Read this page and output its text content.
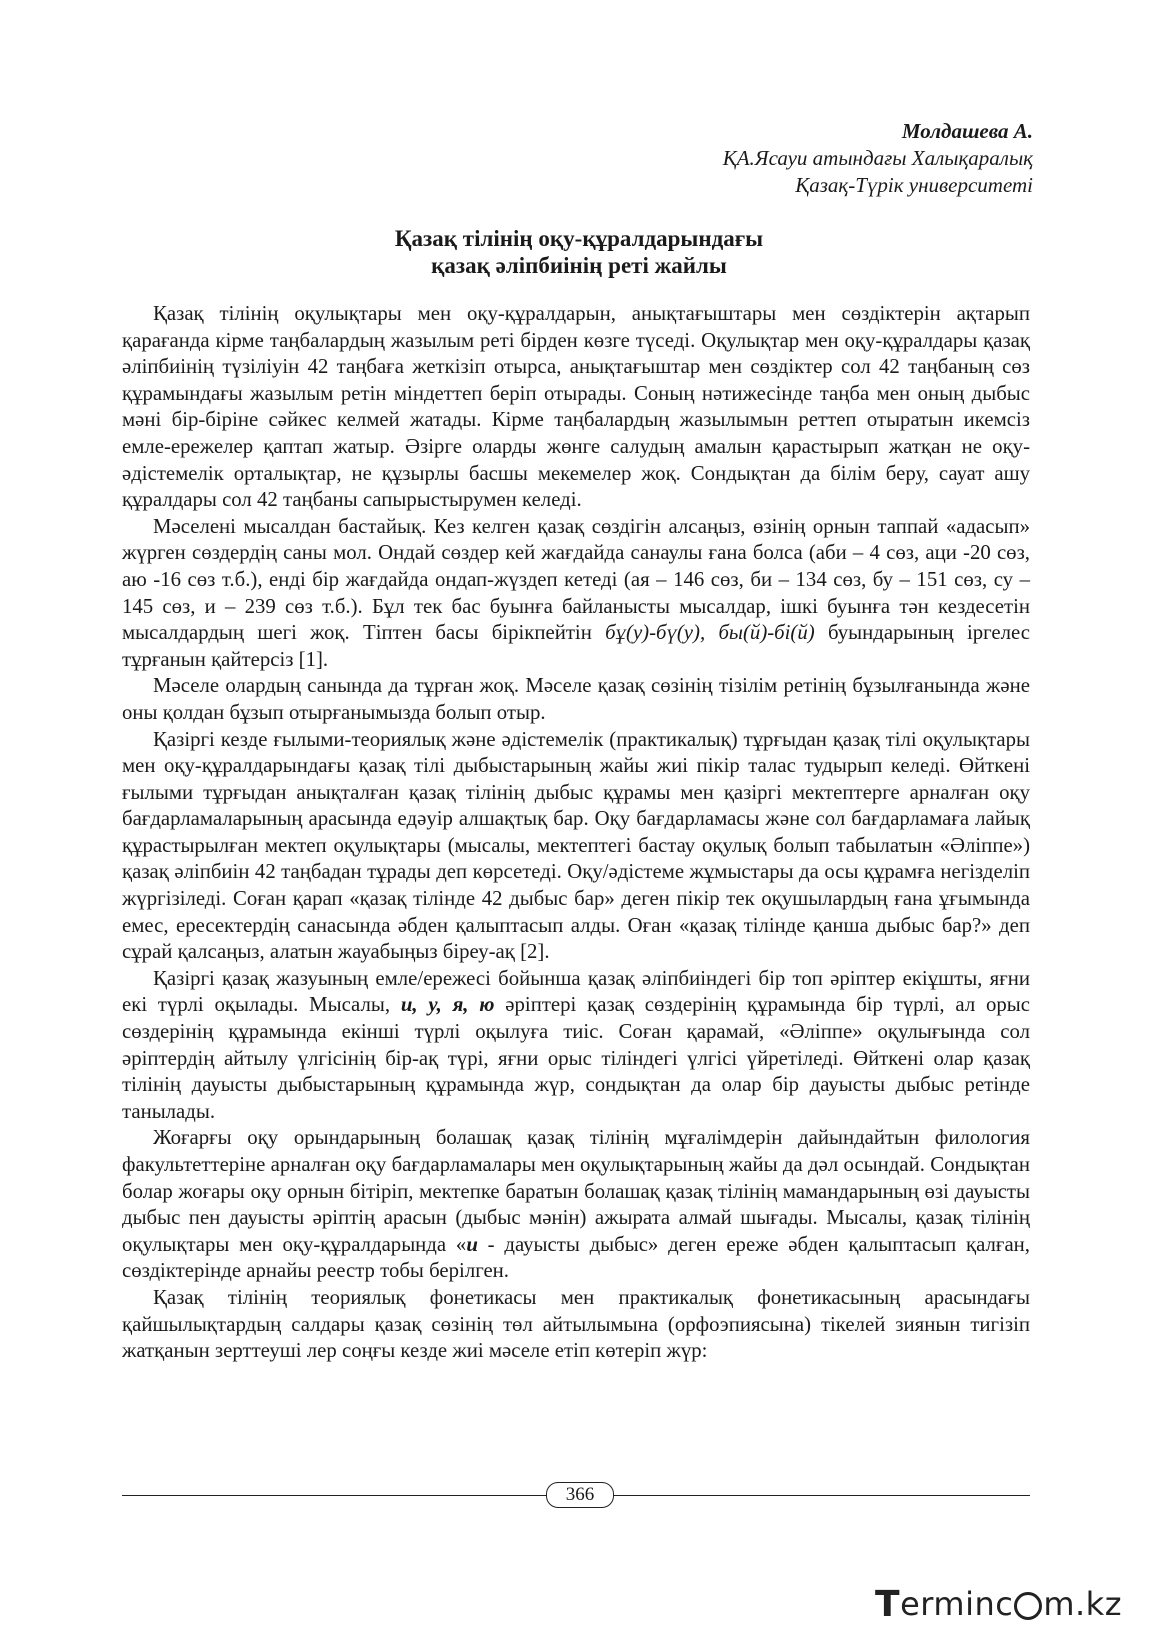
Молдашева А.
ҚА.Ясауи атындағы Халықаралық
Қазақ-Түрік университеті
Қазақ тілінің оқу-құралдарындағы
қазақ әліпбиінің реті жайлы

Қазақ тілінің оқулықтары мен оқу-құралдарын, анықтағыштары мен сөздіктерін ақтарып қарағанда кірме таңбалардың жазылым реті бірден көзге түседі. Оқулықтар мен оқу-құралдары қазақ әліпбиінің түзіліуін 42 таңбаға жеткізіп отырса, анықтағыштар мен сөздіктер сол 42 таңбаның сөз құрамындағы жазылым ретін міндеттеп беріп отырады. Соның нәтижесінде таңба мен оның дыбыс мәні бір-біріне сәйкес келмей жатады. Кірме таңбалардың жазылымын реттеп отыратын икемсіз емле-ережелер қаптап жатыр. Әзірге оларды жөнге салудың амалын қарастырып жатқан не оқу-әдістемелік орталықтар, не құзырлы басшы мекемелер жоқ. Сондықтан да білім беру, сауат ашу құралдары сол 42 таңбаны сапырыстырумен келеді.

Мәселені мысалдан бастайық. Кез келген қазақ сөздігін алсаңыз, өзінің орнын таппай «адасып» жүрген сөздердің саны мол. Ондай сөздер кей жағдайда санаулы ғана болса (аби – 4 сөз, аци -20 сөз, аю -16 сөз т.б.), енді бір жағдайда ондап-жүздеп кетеді (ая – 146 сөз, би – 134 сөз, бу – 151 сөз, су – 145 сөз, и – 239 сөз т.б.). Бұл тек бас буынға байланысты мысалдар, ішкі буынға тән кездесетін мысалдардың шегі жоқ. Тіптен басы бірікпейтін бұ(у)-бү(у), бы(й)-бі(й) буындарының іргелес тұрғанын қайтерсіз [1].

Мәселе олардың санында да тұрған жоқ. Мәселе қазақ сөзінің тізілім ретінің бұзылғанында және оны қолдан бұзып отырғанымызда болып отыр.

Қазіргі кезде ғылыми-теориялық және әдістемелік (практикалық) тұрғыдан қазақ тілі оқулықтары мен оқу-құралдарындағы қазақ тілі дыбыстарының жайы жиі пікір талас тудырып келеді. Өйткені ғылыми тұрғыдан анықталған қазақ тілінің дыбыс құрамы мен қазіргі мектептерге арналған оқу бағдарламаларының арасында едәуір алшақтық бар. Оқу бағдарламасы және сол бағдарламаға лайық құрастырылған мектеп оқулықтары (мысалы, мектептегі бастау оқулық болып табылатын «Әліппе») қазақ әліпбиін 42 таңбадан тұрады деп көрсетеді. Оқу/әдістеме жұмыстары да осы құрамға негізделіп жүргізіледі. Соған қарап «қазақ тілінде 42 дыбыс бар» деген пікір тек оқушылардың ғана ұғымында емес, ересектердің санасында әбден қалыптасып алды. Оған «қазақ тілінде қанша дыбыс бар?» деп сұрай қалсаңыз, алатын жауабыңыз біреу-ақ [2].

Қазіргі қазақ жазуының емле/ережесі бойынша қазақ әліпбиіндегі бір топ әріптер екіұшты, яғни екі түрлі оқылады. Мысалы, и, у, я, ю әріптері қазақ сөздерінің құрамында бір түрлі, ал орыс сөздерінің құрамында екінші түрлі оқылуға тиіс. Соған қарамай, «Әліппе» оқулығында сол әріптердің айтылу үлгісінің бір-ақ түрі, яғни орыс тіліндегі үлгісі үйретіледі. Өйткені олар қазақ тілінің дауысты дыбыстарының құрамында жүр, сондықтан да олар бір дауысты дыбыс ретінде танылады.

Жоғарғы оқу орындарының болашақ қазақ тілінің мұғалімдерін дайындайтын филология факультеттеріне арналған оқу бағдарламалары мен оқулықтарының жайы да дәл осындай. Сондықтан болар жоғары оқу орнын бітіріп, мектепке баратын болашақ қазақ тілінің мамандарының өзі дауысты дыбыс пен дауысты әріптің арасын (дыбыс мәнін) ажырата алмай шығады. Мысалы, қазақ тілінің оқулықтары мен оқу-құралдарында «и - дауысты дыбыс» деген ереже әбден қалыптасып қалған, сөздіктерінде арнайы реестр тобы берілген.

Қазақ тілінің теориялық фонетикасы мен практикалық фонетикасының арасындағы қайшылықтардың салдары қазақ сөзінің төл айтылымына (орфоэпиясына) тікелей зиянын тигізіп жатқанын зерттеуші лер соңғы кезде жиі мәселе етіп көтеріп жүр:

366
T ermin c m.kz
